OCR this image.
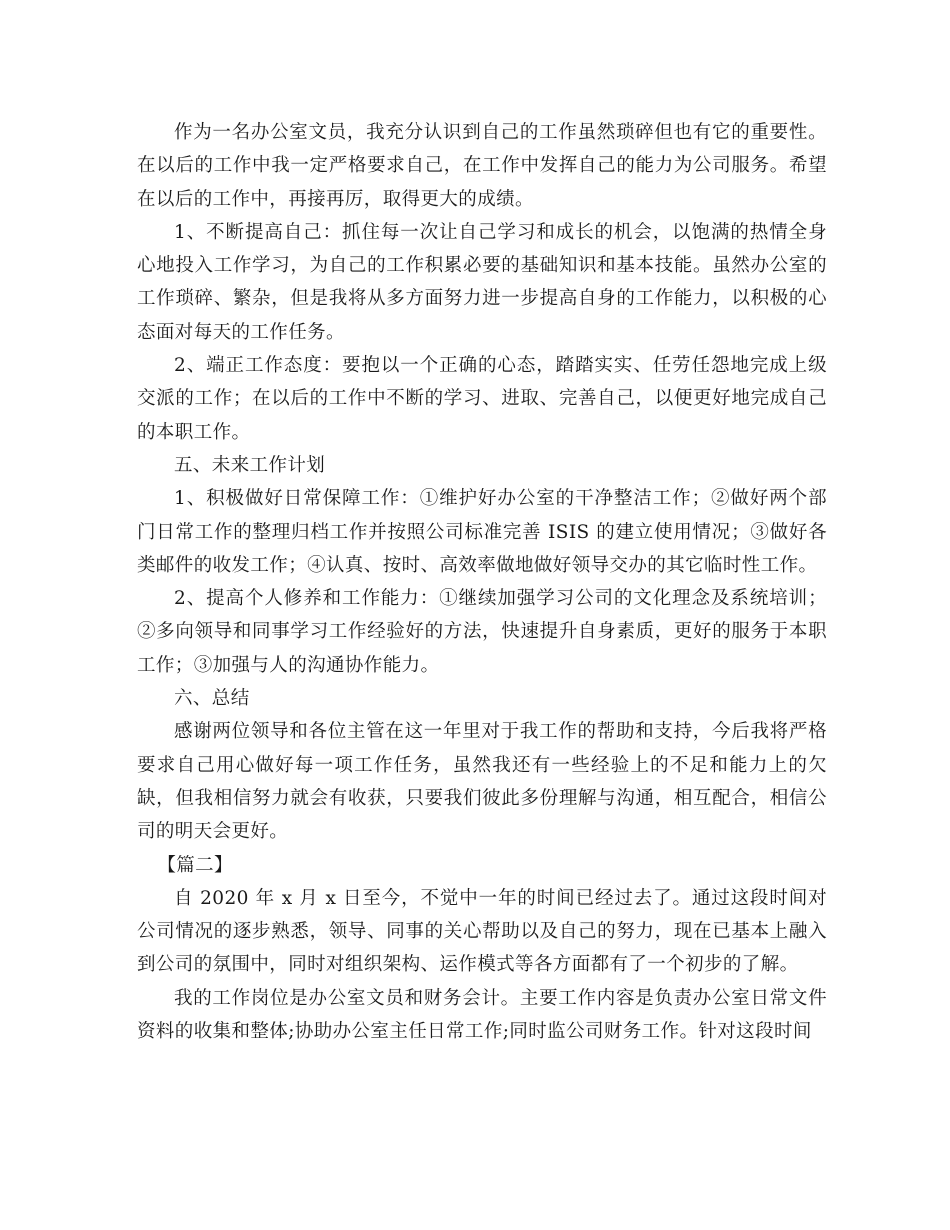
作为一名办公室文员，我充分认识到自己的工作虽然琐碎但也有它的重要性。在以后的工作中我一定严格要求自己，在工作中发挥自己的能力为公司服务。希望在以后的工作中，再接再厉，取得更大的成绩。

1、不断提高自己：抓住每一次让自己学习和成长的机会，以饱满的热情全身心地投入工作学习，为自己的工作积累必要的基础知识和基本技能。虽然办公室的工作琐碎、繁杂，但是我将从多方面努力进一步提高自身的工作能力，以积极的心态面对每天的工作任务。

2、端正工作态度：要抱以一个正确的心态，踏踏实实、任劳任怨地完成上级交派的工作；在以后的工作中不断的学习、进取、完善自己，以便更好地完成自己的本职工作。

五、未来工作计划

1、积极做好日常保障工作：①维护好办公室的干净整洁工作；②做好两个部门日常工作的整理归档工作并按照公司标准完善 ISIS 的建立使用情况；③做好各类邮件的收发工作；④认真、按时、高效率做地做好领导交办的其它临时性工作。

2、提高个人修养和工作能力：①继续加强学习公司的文化理念及系统培训；②多向领导和同事学习工作经验好的方法，快速提升自身素质，更好的服务于本职工作；③加强与人的沟通协作能力。

六、总结

感谢两位领导和各位主管在这一年里对于我工作的帮助和支持，今后我将严格要求自己用心做好每一项工作任务，虽然我还有一些经验上的不足和能力上的欠缺，但我相信努力就会有收获，只要我们彼此多份理解与沟通，相互配合，相信公司的明天会更好。

【篇二】

自 2020 年 x 月 x 日至今，不觉中一年的时间已经过去了。通过这段时间对公司情况的逐步熟悉，领导、同事的关心帮助以及自己的努力，现在已基本上融入到公司的氛围中，同时对组织架构、运作模式等各方面都有了一个初步的了解。

我的工作岗位是办公室文员和财务会计。主要工作内容是负责办公室日常文件资料的收集和整体;协助办公室主任日常工作;同时监公司财务工作。针对这段时间
